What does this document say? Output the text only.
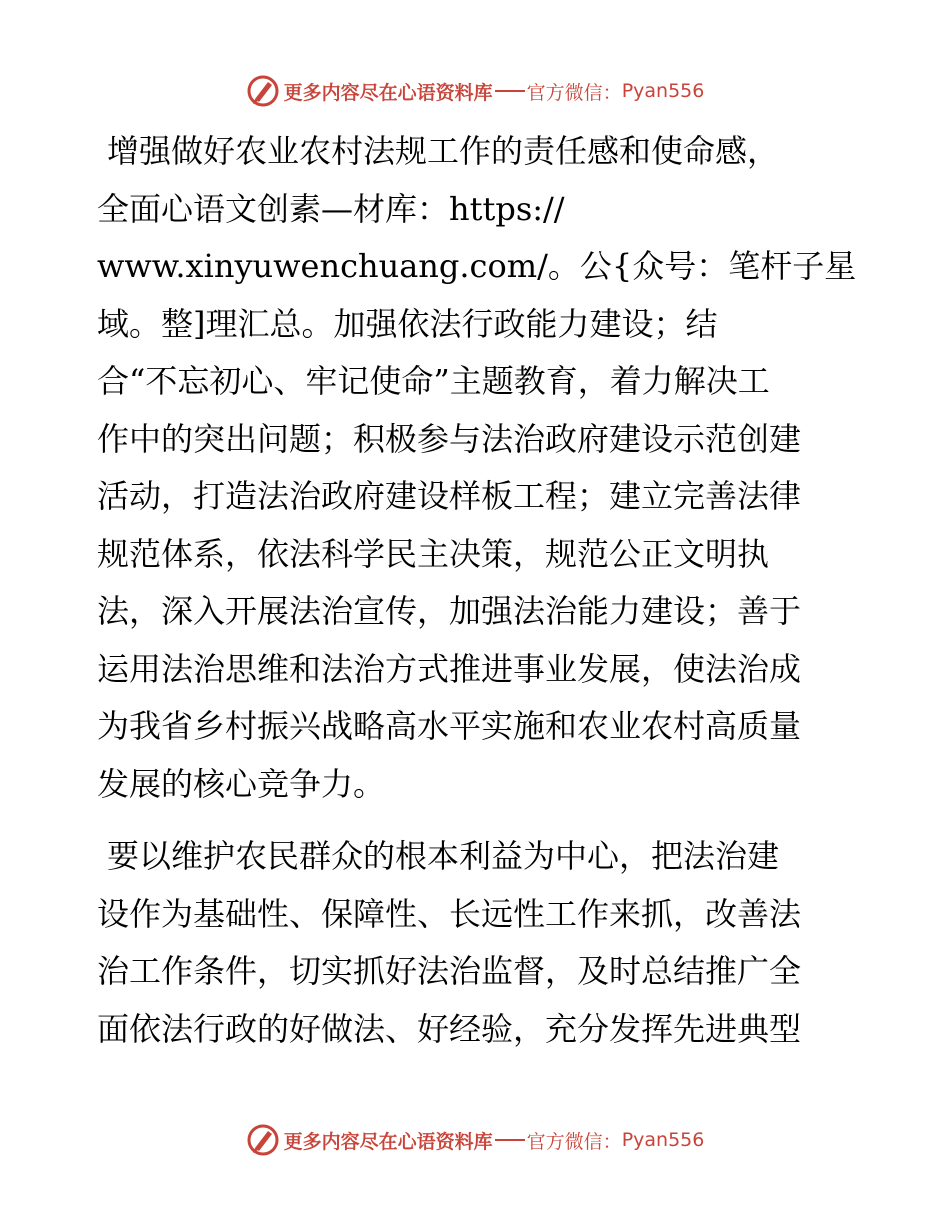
更多内容尽在心语资料库 官方微信： Pyan556

增强做好农业农村法规工作的责任感和使命感，
全面心语文创素—材库：https://
www.xinyuwenchuang.com/。公{众号：笔杆子星
域。整]理汇总。加强依法行政能力建设；结
合“不忘初心、牢记使命”主题教育，着力解决工
作中的突出问题；积极参与法治政府建设示范创建
活动，打造法治政府建设样板工程；建立完善法律
规范体系，依法科学民主决策，规范公正文明执
法，深入开展法治宣传，加强法治能力建设；善于
运用法治思维和法治方式推进事业发展，使法治成
为我省乡村振兴战略高水平实施和农业农村高质量
发展的核心竞争力。

要以维护农民群众的根本利益为中心，把法治建
设作为基础性、保障性、长远性工作来抓，改善法
治工作条件，切实抓好法治监督，及时总结推广全
面依法行政的好做法、好经验，充分发挥先进典型

更多内容尽在心语资料库 官方微信： Pyan556
